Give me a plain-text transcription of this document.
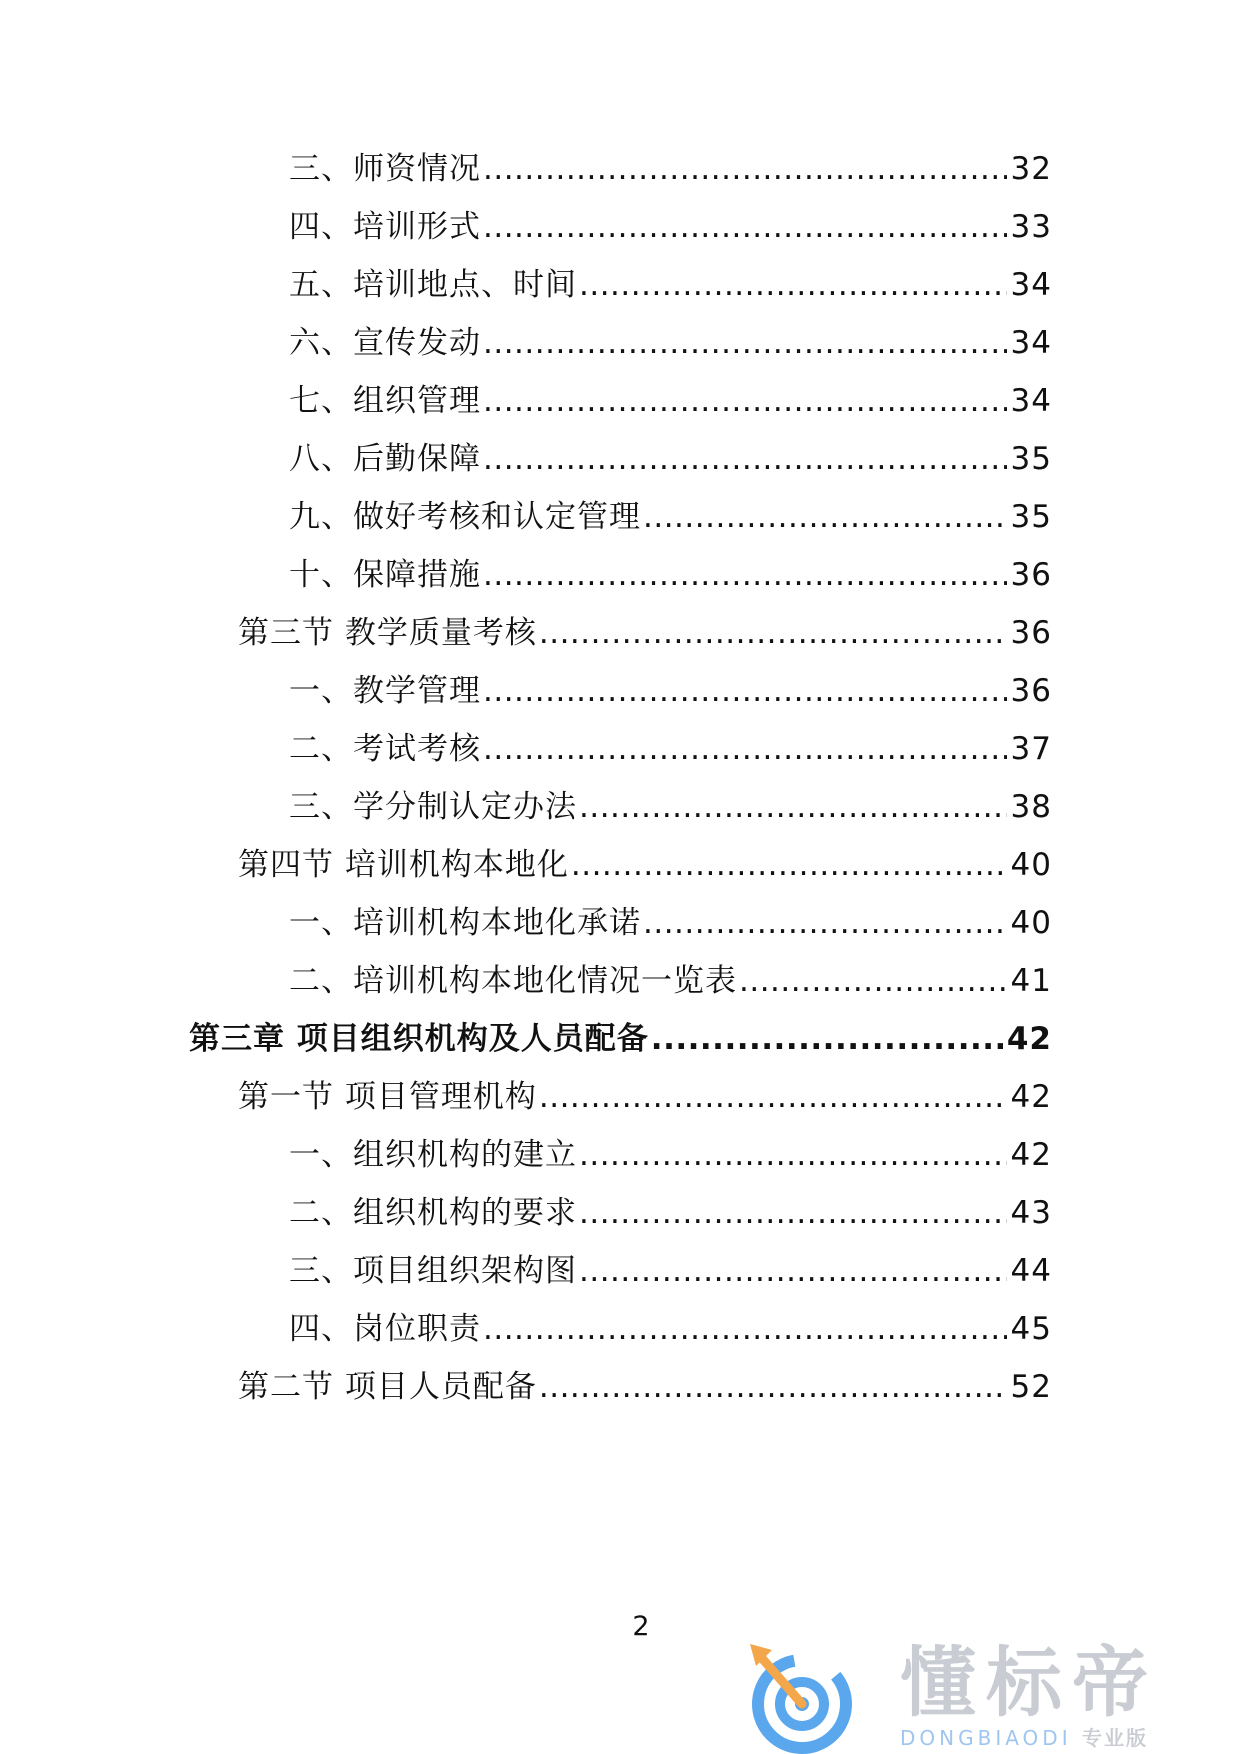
三、师资情况 .....	32
四、培训形式 .....	33
五、培训地点、时间 .....	34
六、宣传发动 .....	34
七、组织管理 .....	34
八、后勤保障 .....	35
九、做好考核和认定管理 .....	35
十、保障措施 .....	36
第三节 教学质量考核 .....	36
一、教学管理 .....	36
二、考试考核 .....	37
三、学分制认定办法 .....	38
第四节 培训机构本地化 .....	40
一、培训机构本地化承诺 .....	40
二、培训机构本地化情况一览表 .....	41
第三章 项目组织机构及人员配备 .....	42
第一节 项目管理机构 .....	42
一、组织机构的建立 .....	42
二、组织机构的要求 .....	43
三、项目组织架构图 .....	44
四、岗位职责 .....	45
第二节 项目人员配备 .....	52
2
懂标帝
DONGBIAODI 专业版
